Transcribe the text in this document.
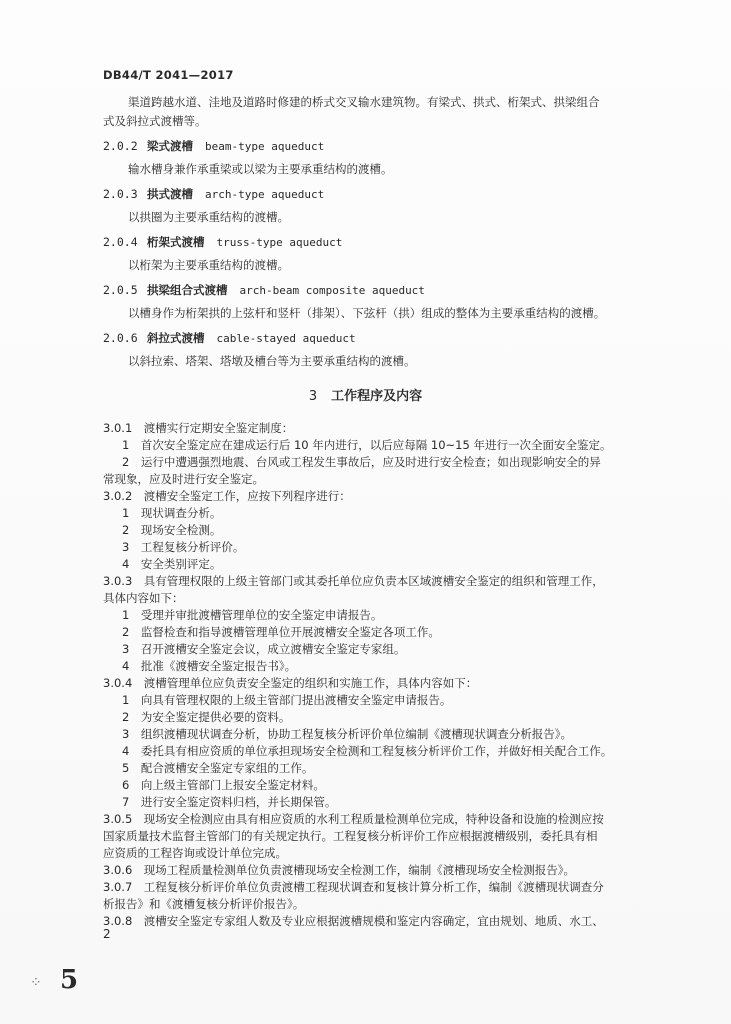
DB44/T 2041—2017
渠道跨越水道、洼地及道路时修建的桥式交叉输水建筑物。有梁式、拱式、桁架式、拱梁组合
式及斜拉式渡槽等。
2.0.2 梁式渡槽 beam-type aqueduct
输水槽身兼作承重梁或以梁为主要承重结构的渡槽。
2.0.3 拱式渡槽 arch-type aqueduct
以拱圈为主要承重结构的渡槽。
2.0.4 桁架式渡槽 truss-type aqueduct
以桁架为主要承重结构的渡槽。
2.0.5 拱梁组合式渡槽 arch-beam composite aqueduct
以槽身作为桁架拱的上弦杆和竖杆（排架）、下弦杆（拱）组成的整体为主要承重结构的渡槽。
2.0.6 斜拉式渡槽 cable-stayed aqueduct
以斜拉索、塔架、塔墩及槽台等为主要承重结构的渡槽。
3 工作程序及内容
3.0.1　渡槽实行定期安全鉴定制度：
1　首次安全鉴定应在建成运行后 10 年内进行，以后应每隔 10~15 年进行一次全面安全鉴定。
2　运行中遭遇强烈地震、台风或工程发生事故后，应及时进行安全检查；如出现影响安全的异
常现象，应及时进行安全鉴定。
3.0.2　渡槽安全鉴定工作，应按下列程序进行：
1　现状调查分析。
2　现场安全检测。
3　工程复核分析评价。
4　安全类别评定。
3.0.3　具有管理权限的上级主管部门或其委托单位应负责本区域渡槽安全鉴定的组织和管理工作，
具体内容如下：
1　受理并审批渡槽管理单位的安全鉴定申请报告。
2　监督检查和指导渡槽管理单位开展渡槽安全鉴定各项工作。
3　召开渡槽安全鉴定会议，成立渡槽安全鉴定专家组。
4　批准《渡槽安全鉴定报告书》。
3.0.4　渡槽管理单位应负责安全鉴定的组织和实施工作，具体内容如下：
1　向具有管理权限的上级主管部门提出渡槽安全鉴定申请报告。
2　为安全鉴定提供必要的资料。
3　组织渡槽现状调查分析，协助工程复核分析评价单位编制《渡槽现状调查分析报告》。
4　委托具有相应资质的单位承担现场安全检测和工程复核分析评价工作，并做好相关配合工作。
5　配合渡槽安全鉴定专家组的工作。
6　向上级主管部门上报安全鉴定材料。
7　进行安全鉴定资料归档，并长期保管。
3.0.5　现场安全检测应由具有相应资质的水利工程质量检测单位完成，特种设备和设施的检测应按
国家质量技术监督主管部门的有关规定执行。工程复核分析评价工作应根据渡槽级别，委托具有相
应资质的工程咨询或设计单位完成。
3.0.6　现场工程质量检测单位负责渡槽现场安全检测工作，编制《渡槽现场安全检测报告》。
3.0.7　工程复核分析评价单位负责渡槽工程现状调查和复核计算分析工作，编制《渡槽现状调查分
析报告》和《渡槽复核分析评价报告》。
3.0.8　渡槽安全鉴定专家组人数及专业应根据渡槽规模和鉴定内容确定，宜由规划、地质、水工、
2
⁘ 5
